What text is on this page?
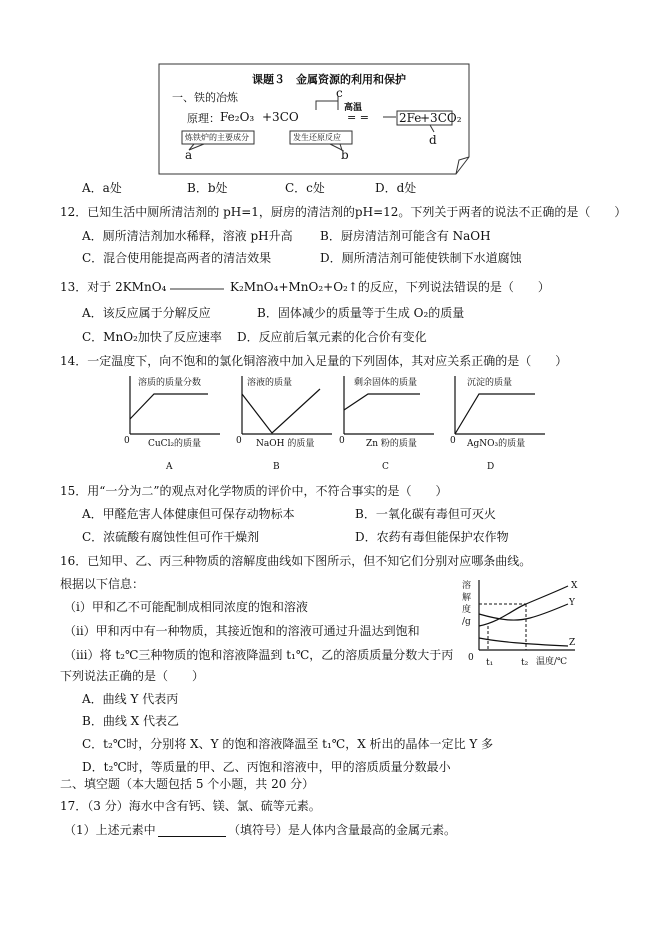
课题３　金属资源的利用和保护
一、铁的冶炼
原理： Fe₂O₃ +3CO
高温
= =	2Fe
+3CO₂
c
d
a	b
炼铁炉的主要成分	发生还原反应
A．a处	B．b处	C．c处	D．d处
12．已知生活中厕所清洁剂的 pH=1，厨房的清洁剂的pH=12。下列关于两者的说法不正确的是（　　）
A．厕所清洁剂加水稀释，溶液 pH升高 B．厨房清洁剂可能含有 NaOH
C．混合使用能提高两者的清洁效果	D．厕所清洁剂可能使铁制下水道腐蚀
13．对于 2KMnO₄	K₂MnO₄+MnO₂+O₂↑的反应，下列说法错误的是（　　）
A．该反应属于分解反应	B．固体减少的质量等于生成 O₂的质量
C．MnO₂加快了反应速率 D．反应前后氧元素的化合价有变化
14．一定温度下，向不饱和的氯化铜溶液中加入足量的下列固体，其对应关系正确的是（　　）
溶质的质量分数
0 CuCl₂的质量
A
溶液的质量
0 NaOH 的质量
B
剩余固体的质量
0 Zn 粉的质量
C
沉淀的质量
0 AgNO₃的质量
D
15．用“一分为二”的观点对化学物质的评价中，不符合事实的是（　　）
A．甲醛危害人体健康但可保存动物标本	B．一氧化碳有毒但可灭火
C．浓硫酸有腐蚀性但可作干燥剂	D．农药有毒但能保护农作物
16．已知甲、乙、丙三种物质的溶解度曲线如下图所示，但不知它们分别对应哪条曲线。
根据以下信息：
（ⅰ）甲和乙不可能配制成相同浓度的饱和溶液
（ⅱ）甲和丙中有一种物质，其接近饱和的溶液可通过升温达到饱和
（ⅲ）将 t₂℃三种物质的饱和溶液降温到 t₁℃，乙的溶质质量分数大于丙
下列说法正确的是（　　）
A．曲线 Y 代表丙
B．曲线 X 代表乙
C．t₂℃时，分别将 X、Y 的饱和溶液降温至 t₁℃，X 析出的晶体一定比 Y 多
D．t₂℃时，等质量的甲、乙、丙饱和溶液中，甲的溶质质量分数最小
溶
解
度
/g
0 t₁	t₂ 温度/℃
X
Y
Z
二、填空题（本大题包括 5 个小题，共 20 分）
17．（3 分）海水中含有钙、镁、氯、硫等元素。
（1）上述元素中	（填符号）是人体内含量最高的金属元素。
